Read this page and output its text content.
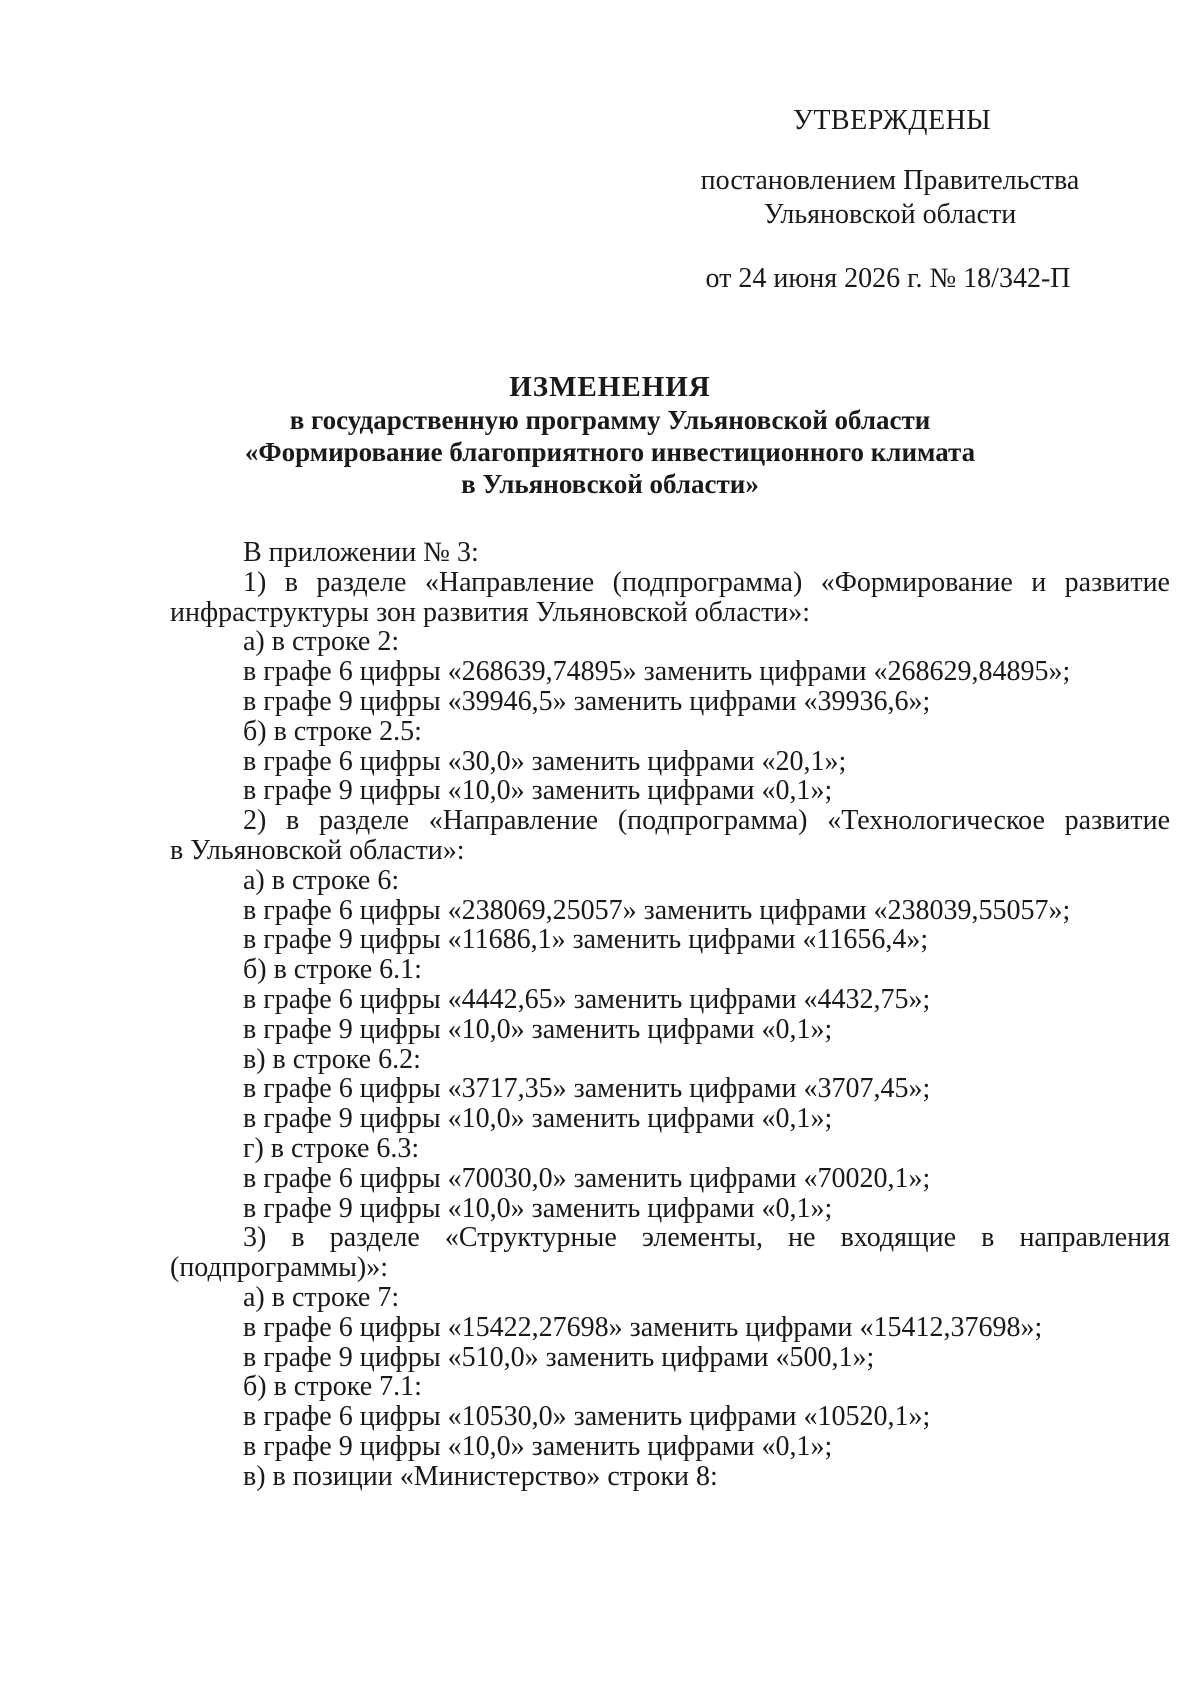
УТВЕРЖДЕНЫ
постановлением Правительства
Ульяновской области
от 24 июня 2026 г. № 18/342-П
ИЗМЕНЕНИЯ
в государственную программу Ульяновской области
«Формирование благоприятного инвестиционного климата
в Ульяновской области»
В приложении № 3:
1) в разделе «Направление (подпрограмма) «Формирование и развитие
инфраструктуры зон развития Ульяновской области»:
а) в строке 2:
в графе 6 цифры «268639,74895» заменить цифрами «268629,84895»;
в графе 9 цифры «39946,5» заменить цифрами «39936,6»;
б) в строке 2.5:
в графе 6 цифры «30,0» заменить цифрами «20,1»;
в графе 9 цифры «10,0» заменить цифрами «0,1»;
2) в разделе «Направление (подпрограмма) «Технологическое развитие
в Ульяновской области»:
а) в строке 6:
в графе 6 цифры «238069,25057» заменить цифрами «238039,55057»;
в графе 9 цифры «11686,1» заменить цифрами «11656,4»;
б) в строке 6.1:
в графе 6 цифры «4442,65» заменить цифрами «4432,75»;
в графе 9 цифры «10,0» заменить цифрами «0,1»;
в) в строке 6.2:
в графе 6 цифры «3717,35» заменить цифрами «3707,45»;
в графе 9 цифры «10,0» заменить цифрами «0,1»;
г) в строке 6.3:
в графе 6 цифры «70030,0» заменить цифрами «70020,1»;
в графе 9 цифры «10,0» заменить цифрами «0,1»;
3) в разделе «Структурные элементы, не входящие в направления
(подпрограммы)»:
а) в строке 7:
в графе 6 цифры «15422,27698» заменить цифрами «15412,37698»;
в графе 9 цифры «510,0» заменить цифрами «500,1»;
б) в строке 7.1:
в графе 6 цифры «10530,0» заменить цифрами «10520,1»;
в графе 9 цифры «10,0» заменить цифрами «0,1»;
в) в позиции «Министерство» строки 8:
